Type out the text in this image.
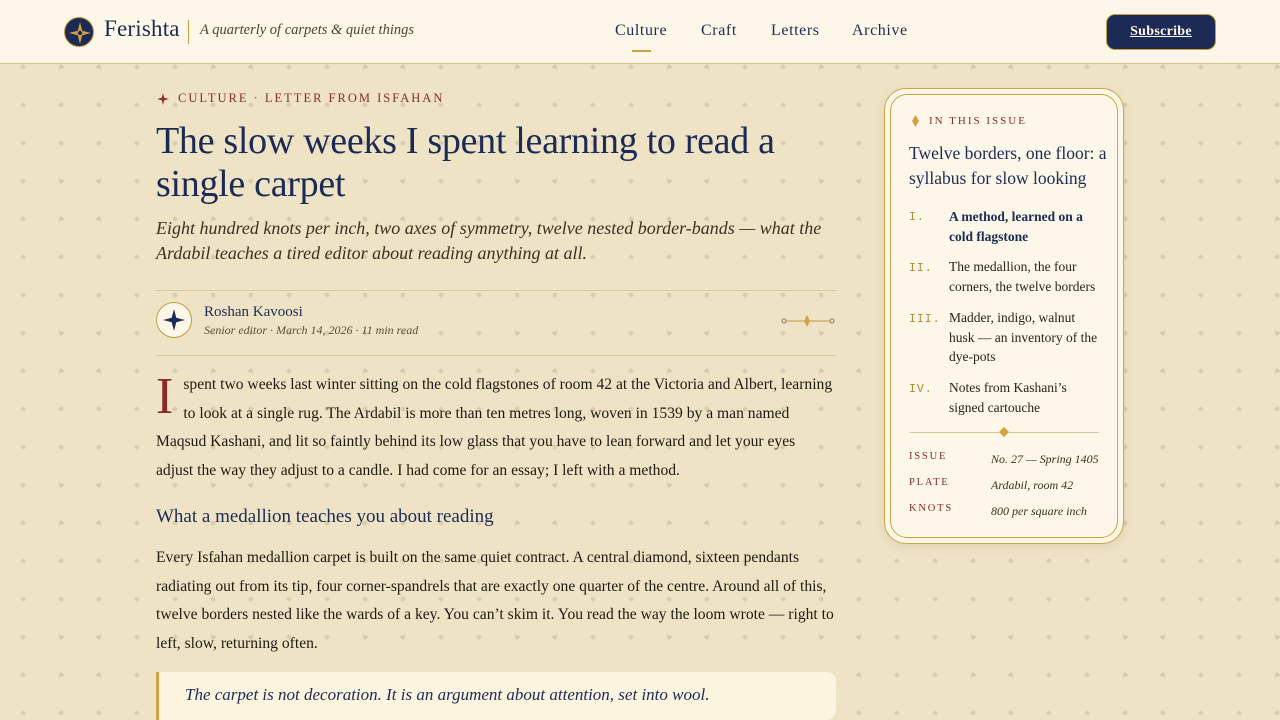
Ferishta A quarterly of carpets & quiet things	Culture Craft Letters Archive	Subscribe
CULTURE · LETTER FROM ISFAHAN
The slow weeks I spent learning to read a single carpet

Eight hundred knots per inch, two axes of symmetry, twelve nested border-bands — what the Ardabil teaches a tired editor about reading anything at all.

Roshan Kavoosi
Senior editor · March 14, 2026 · 11 min read
Ispent two weeks last winter sitting on the cold flagstones of room 42 at the Victoria and Albert, learning to look at a single rug. The Ardabil is more than ten metres long, woven in 1539 by a man named Maqsud Kashani, and lit so faintly behind its low glass that you have to lean forward and let your eyes adjust the way they adjust to a candle. I had come for an essay; I left with a method.
What a medallion teaches you about reading
Every Isfahan medallion carpet is built on the same quiet contract. A central diamond, sixteen pendants radiating out from its tip, four corner-spandrels that are exactly one quarter of the centre. Around all of this, twelve borders nested like the wards of a key. You can’t skim it. You read the way the loom wrote — right to left, slow, returning often.
The carpet is not decoration. It is an argument about attention, set into wool.
IN THIS ISSUE
Twelve borders, one floor: a syllabus for slow looking
I. A method, learned on a cold flagstone
II. The medallion, the four corners, the twelve borders
III. Madder, indigo, walnut husk — an inventory of the dye-pots
IV. Notes from Kashani’s signed cartouche
ISSUE	No. 27 — Spring 1405
PLATE	Ardabil, room 42
KNOTS	800 per square inch
